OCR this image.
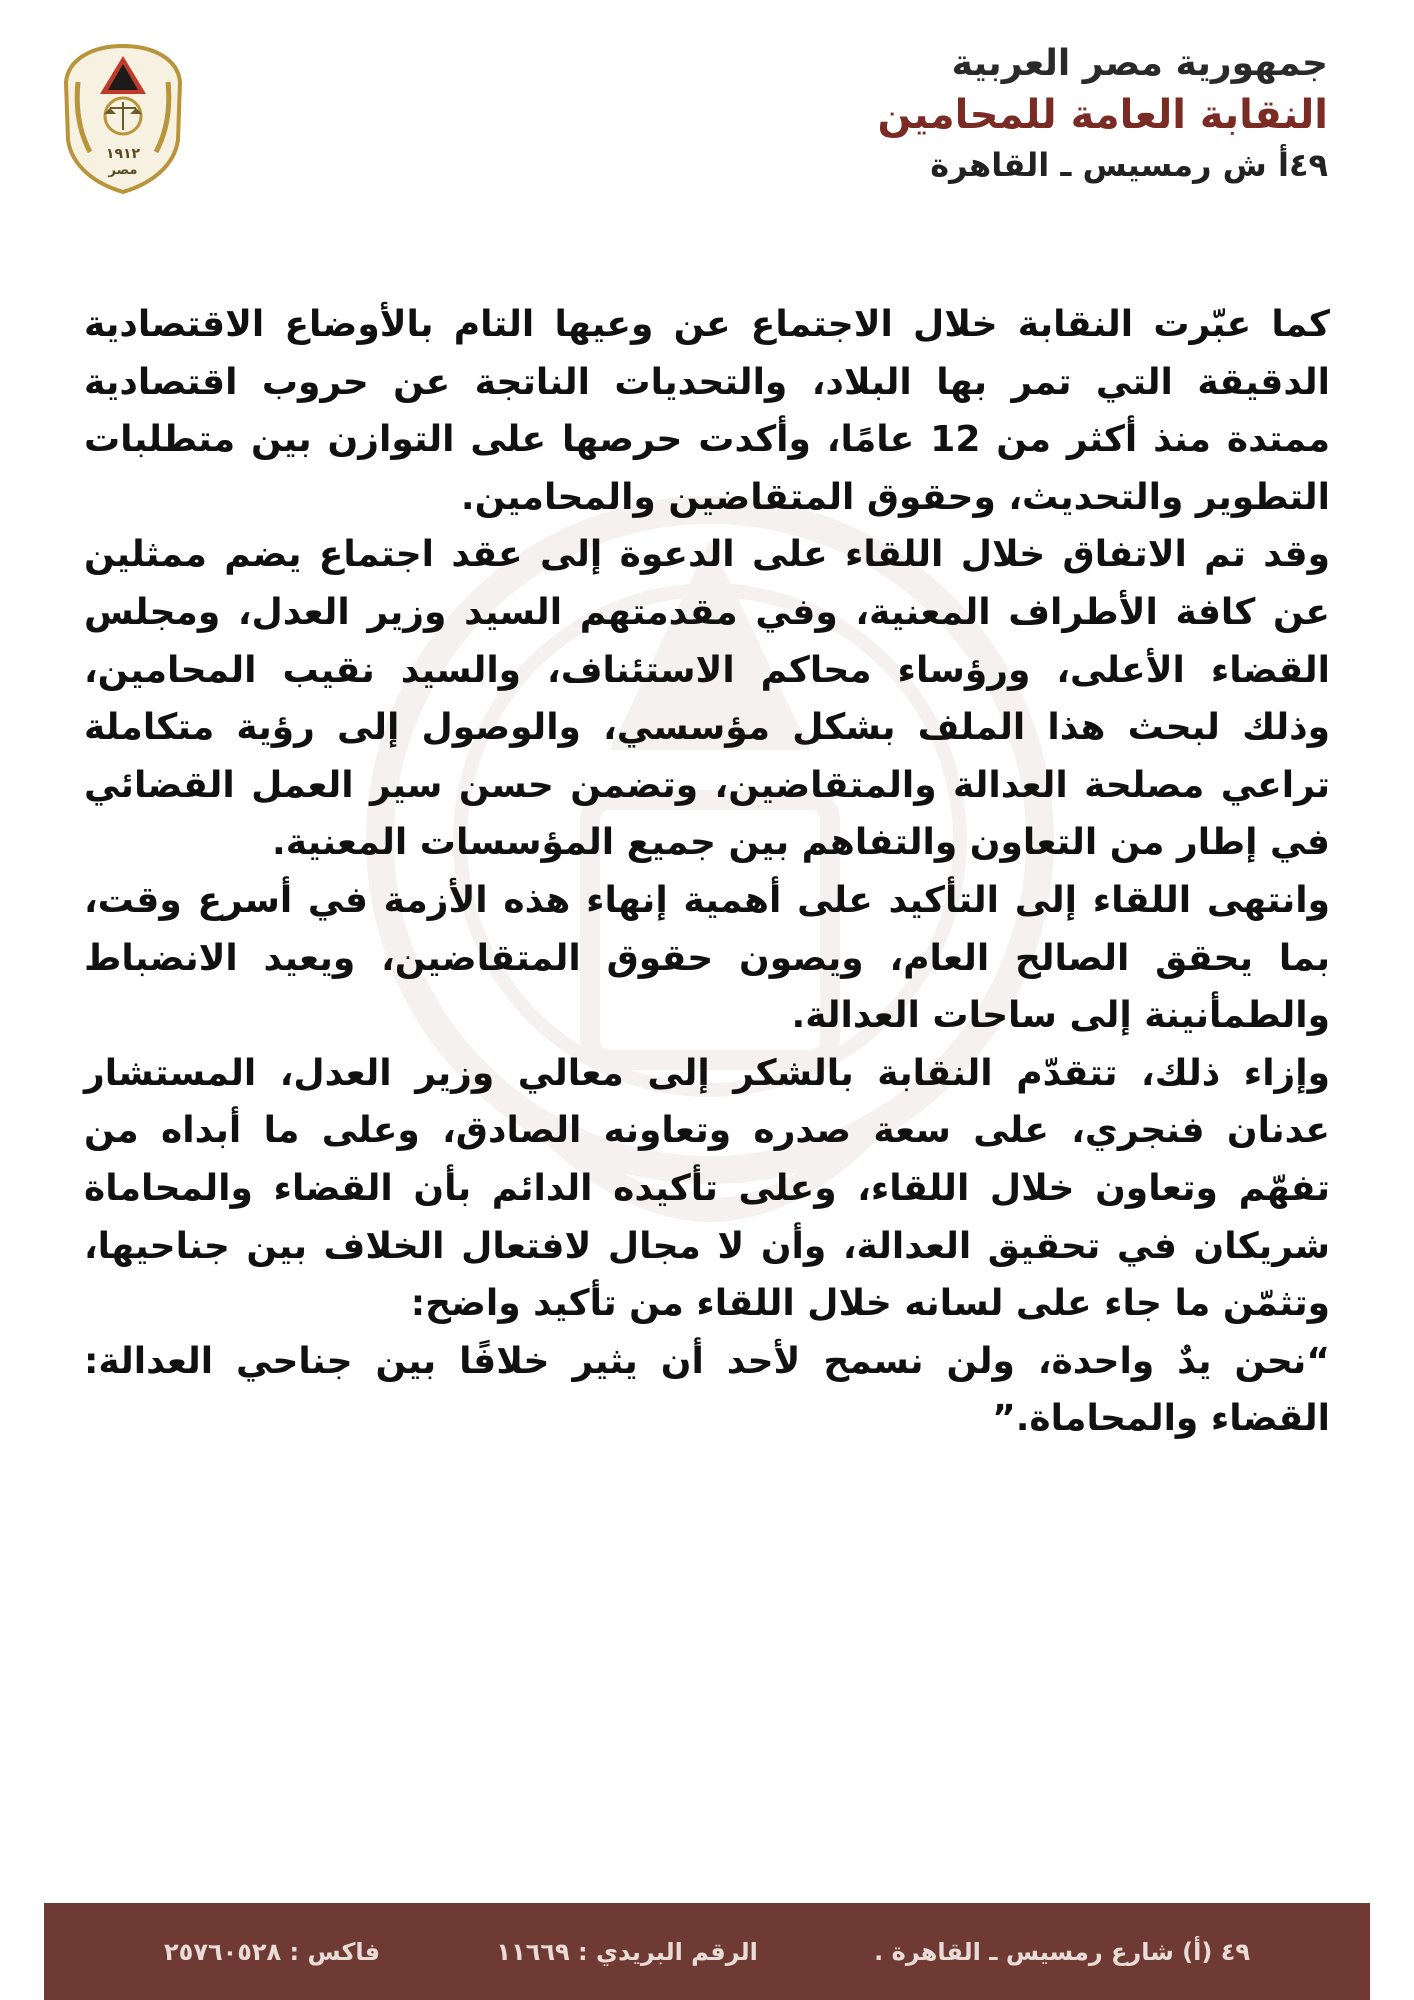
جمهورية مصر العربية
النقابة العامة للمحامين
٤٩أ ش رمسيس ـ القاهرة
١٩١٢
مصر

كما عبّرت النقابة خلال الاجتماع عن وعيها التام بالأوضاع الاقتصادية الدقيقة التي تمر بها البلاد، والتحديات الناتجة عن حروب اقتصادية ممتدة منذ أكثر من 12 عامًا، وأكدت حرصها على التوازن بين متطلبات التطوير والتحديث، وحقوق المتقاضين والمحامين.

وقد تم الاتفاق خلال اللقاء على الدعوة إلى عقد اجتماع يضم ممثلين عن كافة الأطراف المعنية، وفي مقدمتهم السيد وزير العدل، ومجلس القضاء الأعلى، ورؤساء محاكم الاستئناف، والسيد نقيب المحامين، وذلك لبحث هذا الملف بشكل مؤسسي، والوصول إلى رؤية متكاملة تراعي مصلحة العدالة والمتقاضين، وتضمن حسن سير العمل القضائي في إطار من التعاون والتفاهم بين جميع المؤسسات المعنية.

وانتهى اللقاء إلى التأكيد على أهمية إنهاء هذه الأزمة في أسرع وقت، بما يحقق الصالح العام، ويصون حقوق المتقاضين، ويعيد الانضباط والطمأنينة إلى ساحات العدالة.

وإزاء ذلك، تتقدّم النقابة بالشكر إلى معالي وزير العدل، المستشار عدنان فنجري، على سعة صدره وتعاونه الصادق، وعلى ما أبداه من تفهّم وتعاون خلال اللقاء، وعلى تأكيده الدائم بأن القضاء والمحاماة شريكان في تحقيق العدالة، وأن لا مجال لافتعال الخلاف بين جناحيها، وتثمّن ما جاء على لسانه خلال اللقاء من تأكيد واضح:

“نحن يدٌ واحدة، ولن نسمح لأحد أن يثير خلافًا بين جناحي العدالة: القضاء والمحاماة.”

٤٩ (أ) شارع رمسيس ـ القاهرة .
الرقم البريدي : ١١٦٦٩
فاكس : ٢٥٧٦٠٥٢٨
